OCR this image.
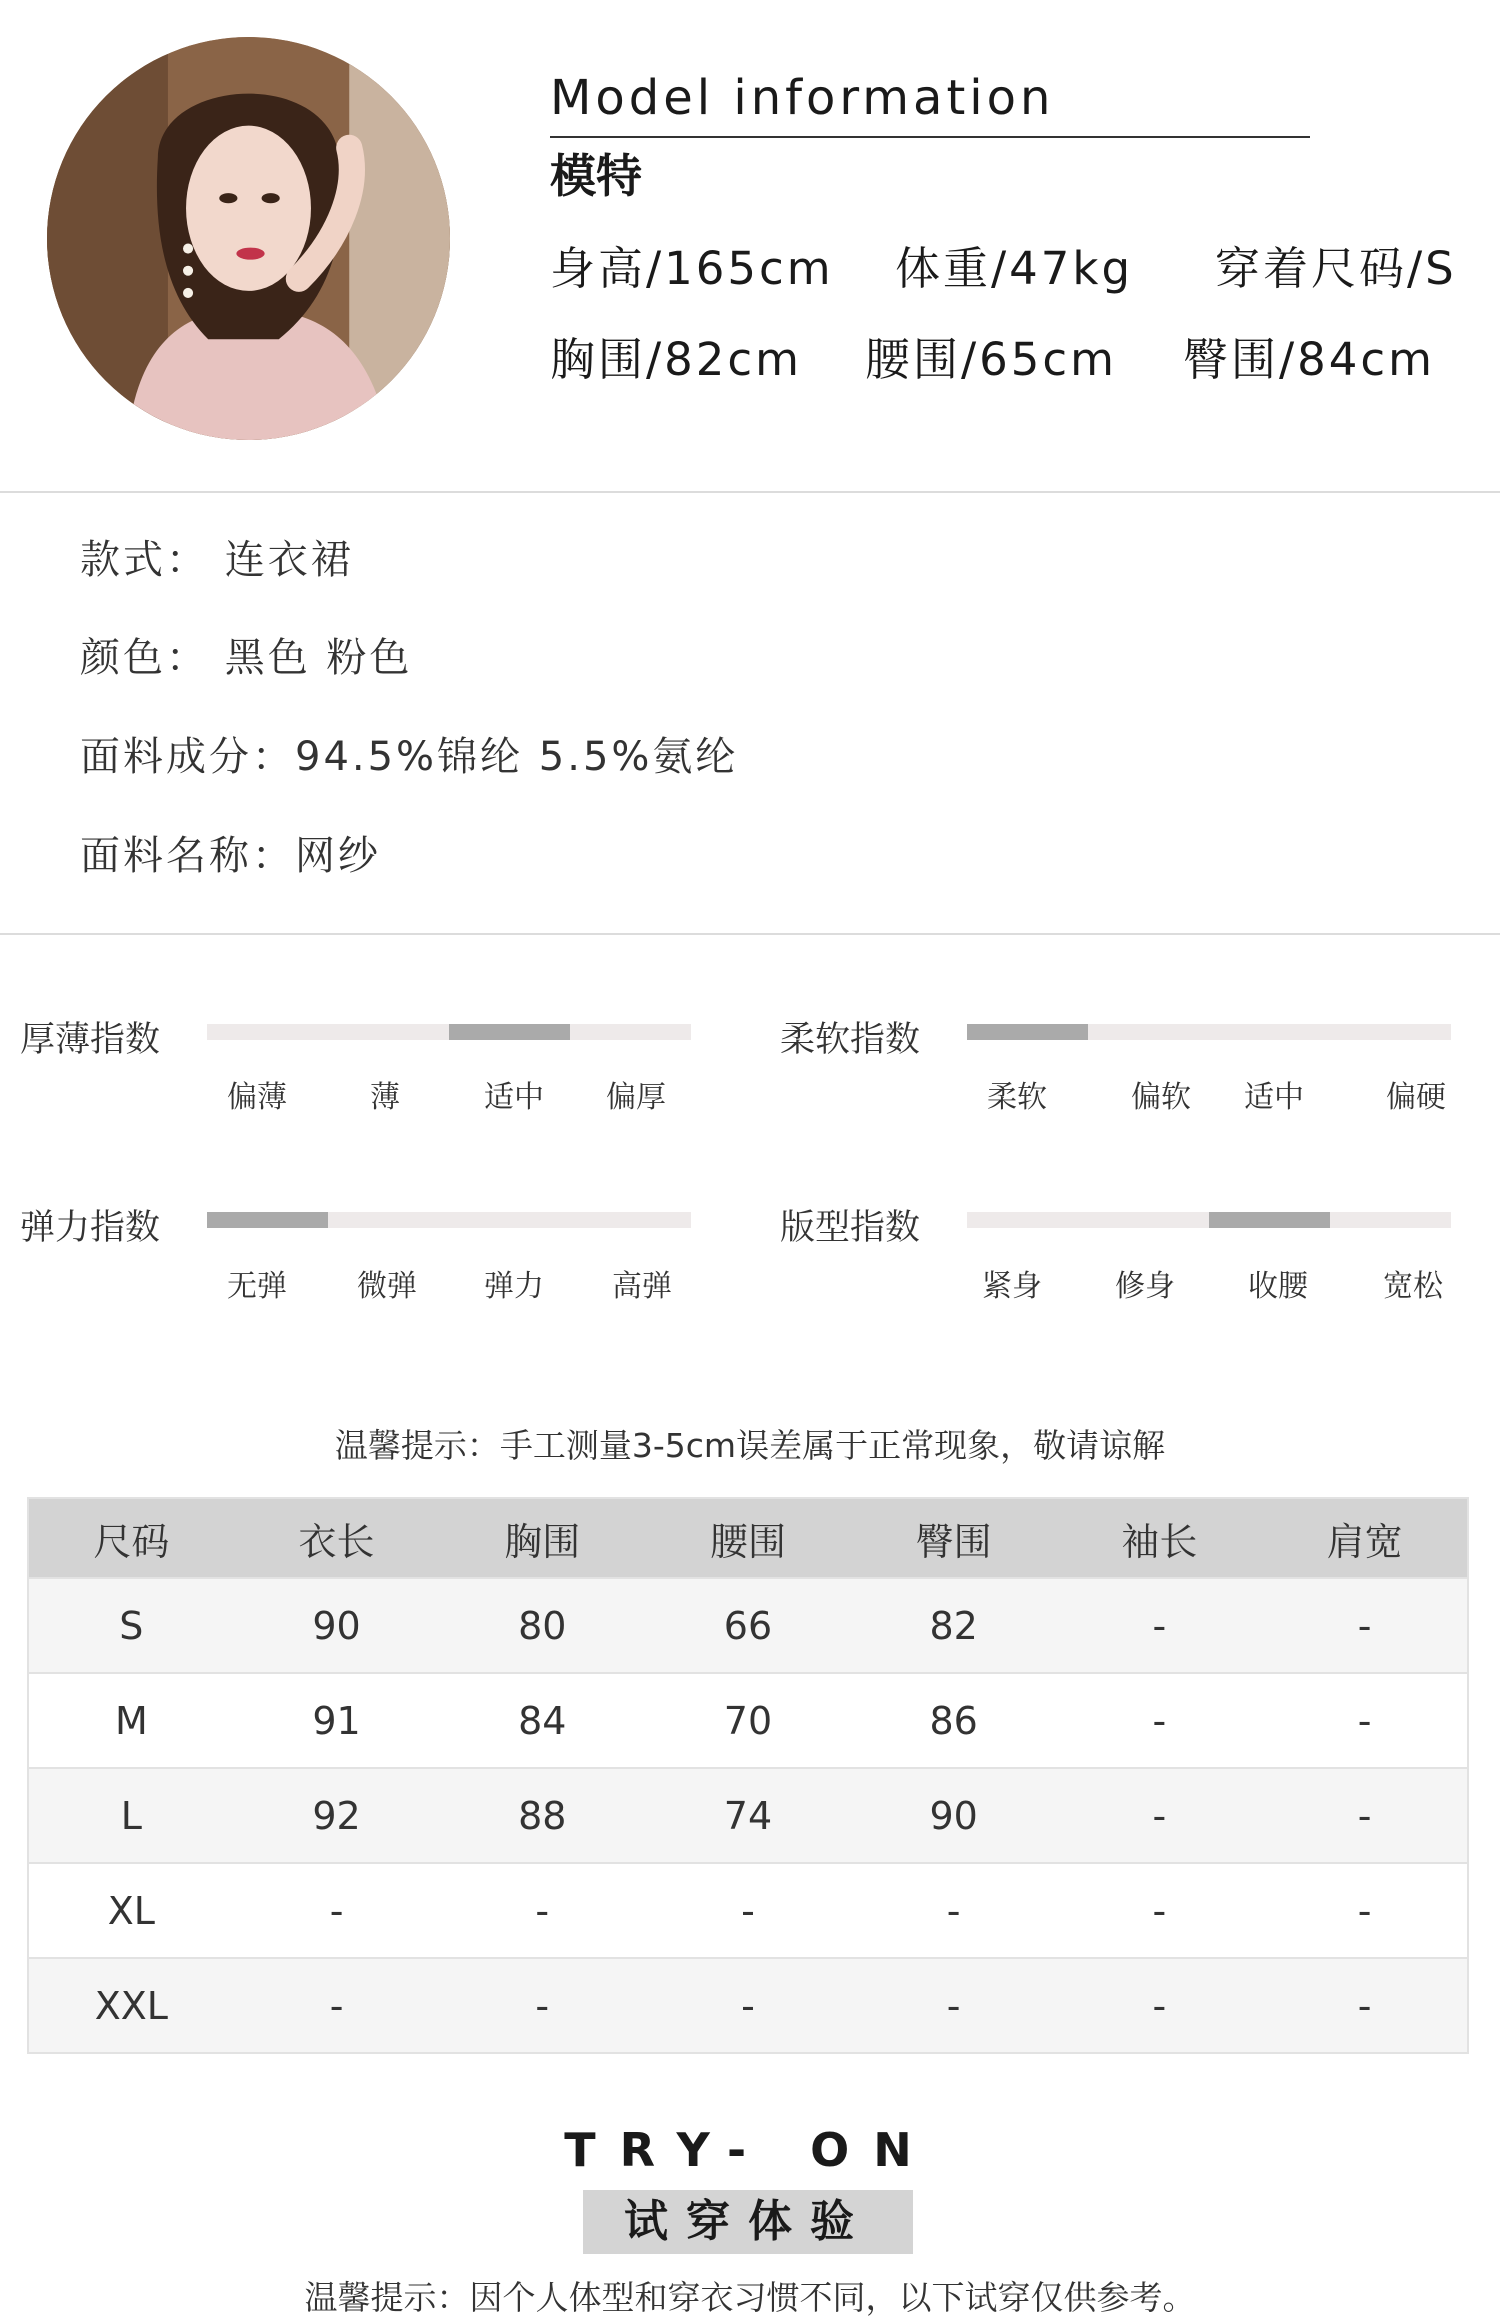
Model information
模特
身高/165cm 体重/47kg 穿着尺码/S
胸围/82cm 腰围/65cm 臀围/84cm
款式： 连衣裙
颜色： 黑色 粉色
面料成分：94.5%锦纶 5.5%氨纶
面料名称：网纱
厚薄指数
偏薄	薄	适中 偏厚
柔软指数
柔软	偏软 适中	偏硬
弹力指数
无弹 微弹 弹力 高弹
版型指数
紧身 修身 收腰	宽松
温馨提示：手工测量3-5cm误差属于正常现象，敬请谅解
尺码	衣长	胸围	腰围	臀围	袖长	肩宽
S	90	80	66	82	-	-
M	91	84	70	86	-	-
L	92	88	74	90	-	-
XL	-	-	-	-	-	-
XXL	-	-	-	-	-	-
TRY- ON
试穿体验
温馨提示：因个人体型和穿衣习惯不同，以下试穿仅供参考。
